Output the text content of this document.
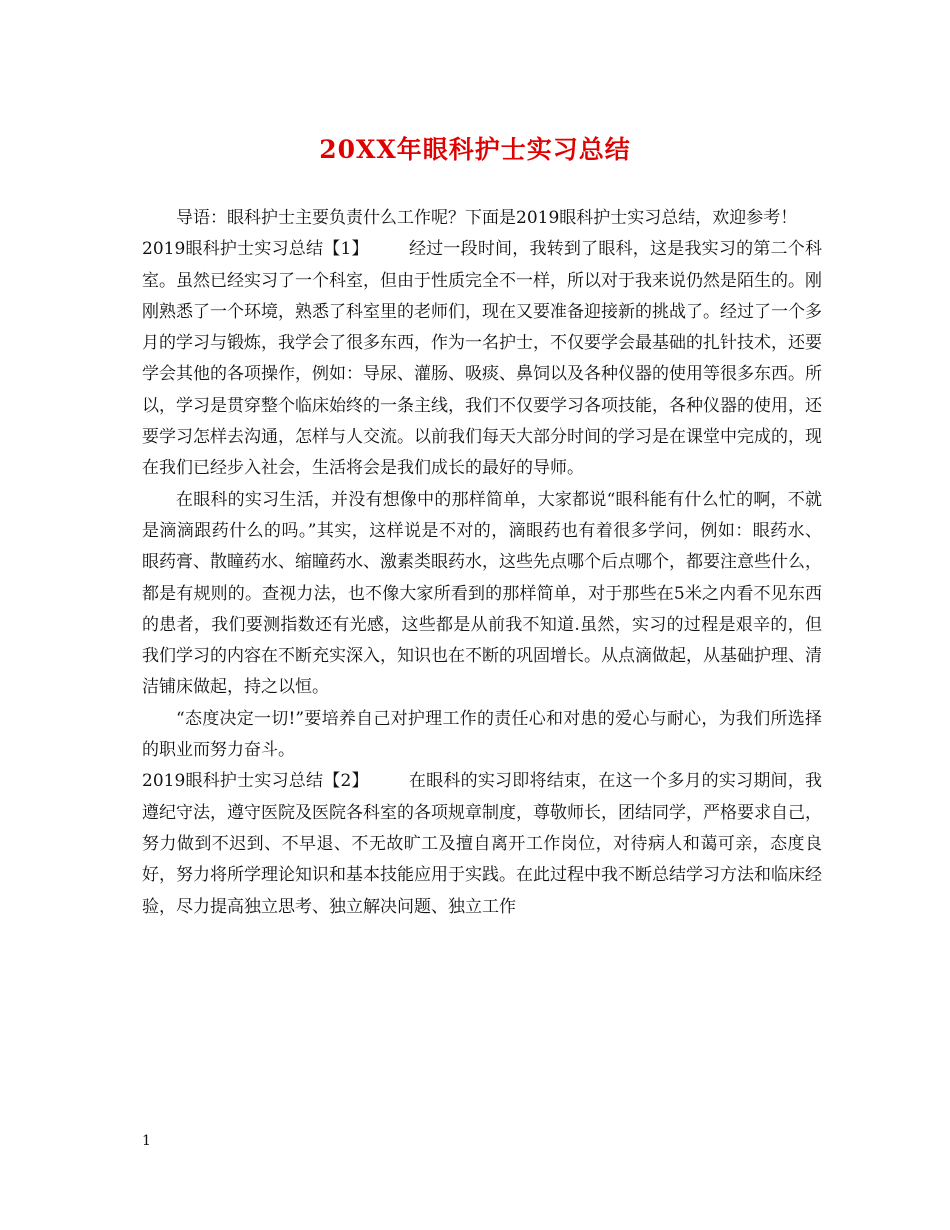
20XX年眼科护士实习总结

导语：眼科护士主要负责什么工作呢？下面是2019眼科护士实习总结，欢迎参考！

2019眼科护士实习总结【1】 经过一段时间，我转到了眼科，这是我实习的第二个科室。虽然已经实习了一个科室，但由于性质完全不一样，所以对于我来说仍然是陌生的。刚刚熟悉了一个环境，熟悉了科室里的老师们，现在又要准备迎接新的挑战了。经过了一个多月的学习与锻炼，我学会了很多东西，作为一名护士，不仅要学会最基础的扎针技术，还要学会其他的各项操作，例如：导尿、灌肠、吸痰、鼻饲以及各种仪器的使用等很多东西。所以，学习是贯穿整个临床始终的一条主线，我们不仅要学习各项技能，各种仪器的使用，还要学习怎样去沟通，怎样与人交流。以前我们每天大部分时间的学习是在课堂中完成的，现在我们已经步入社会，生活将会是我们成长的最好的导师。

在眼科的实习生活，并没有想像中的那样简单，大家都说“眼科能有什么忙的啊，不就是滴滴跟药什么的吗。”其实，这样说是不对的，滴眼药也有着很多学问，例如：眼药水、眼药膏、散瞳药水、缩瞳药水、激素类眼药水，这些先点哪个后点哪个，都要注意些什么，都是有规则的。查视力法，也不像大家所看到的那样简单，对于那些在5米之内看不见东西的患者，我们要测指数还有光感，这些都是从前我不知道.虽然，实习的过程是艰辛的，但我们学习的内容在不断充实深入，知识也在不断的巩固增长。从点滴做起，从基础护理、清洁铺床做起，持之以恒。

“态度决定一切!”要培养自己对护理工作的责任心和对患的爱心与耐心，为我们所选择的职业而努力奋斗。

2019眼科护士实习总结【2】 在眼科的实习即将结束，在这一个多月的实习期间，我遵纪守法，遵守医院及医院各科室的各项规章制度，尊敬师长，团结同学，严格要求自己，努力做到不迟到、不早退、不无故旷工及擅自离开工作岗位，对待病人和蔼可亲，态度良好，努力将所学理论知识和基本技能应用于实践。在此过程中我不断总结学习方法和临床经验，尽力提高独立思考、独立解决问题、独立工作

1
